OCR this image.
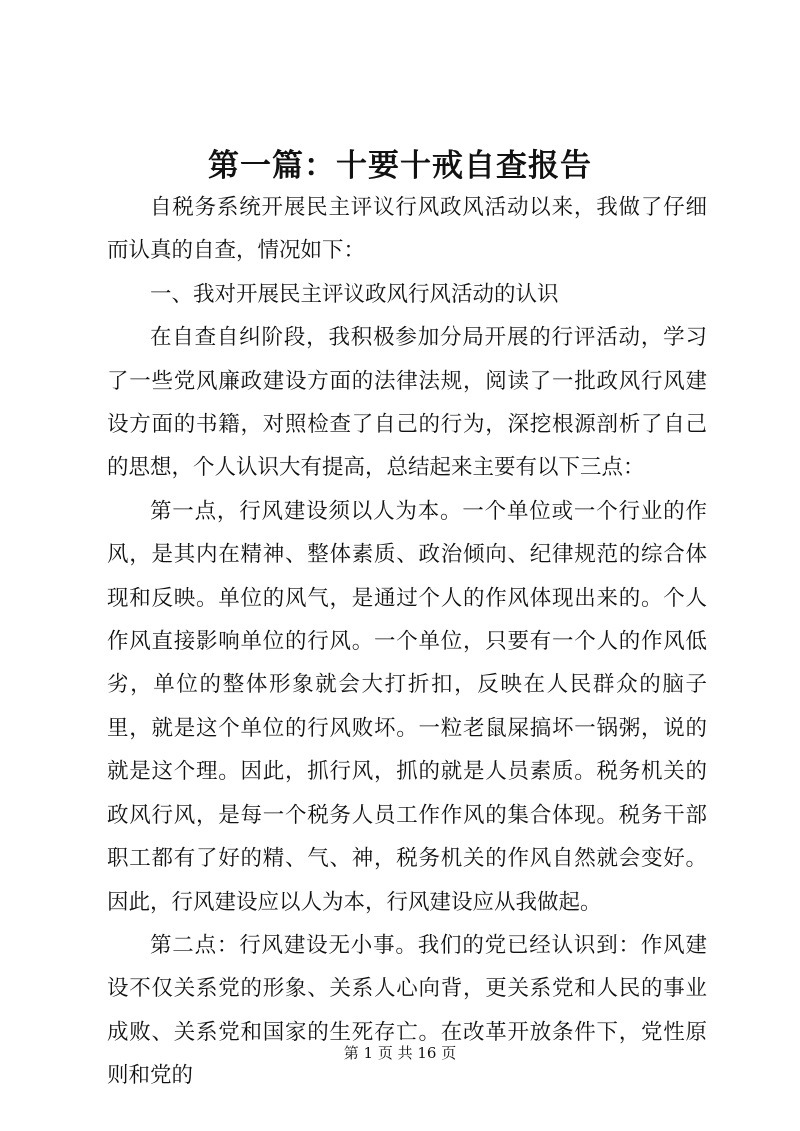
第一篇：十要十戒自查报告

自税务系统开展民主评议行风政风活动以来，我做了仔细而认真的自查，情况如下：

一、我对开展民主评议政风行风活动的认识

在自查自纠阶段，我积极参加分局开展的行评活动，学习了一些党风廉政建设方面的法律法规，阅读了一批政风行风建设方面的书籍，对照检查了自己的行为，深挖根源剖析了自己的思想，个人认识大有提高，总结起来主要有以下三点：

第一点，行风建设须以人为本。一个单位或一个行业的作风，是其内在精神、整体素质、政治倾向、纪律规范的综合体现和反映。单位的风气，是通过个人的作风体现出来的。个人作风直接影响单位的行风。一个单位，只要有一个人的作风低劣，单位的整体形象就会大打折扣，反映在人民群众的脑子里，就是这个单位的行风败坏。一粒老鼠屎搞坏一锅粥，说的就是这个理。因此，抓行风，抓的就是人员素质。税务机关的政风行风，是每一个税务人员工作作风的集合体现。税务干部职工都有了好的精、气、神，税务机关的作风自然就会变好。因此，行风建设应以人为本，行风建设应从我做起。

第二点：行风建设无小事。我们的党已经认识到：作风建设不仅关系党的形象、关系人心向背，更关系党和人民的事业成败、关系党和国家的生死存亡。在改革开放条件下，党性原则和党的

第 1 页 共 16 页
